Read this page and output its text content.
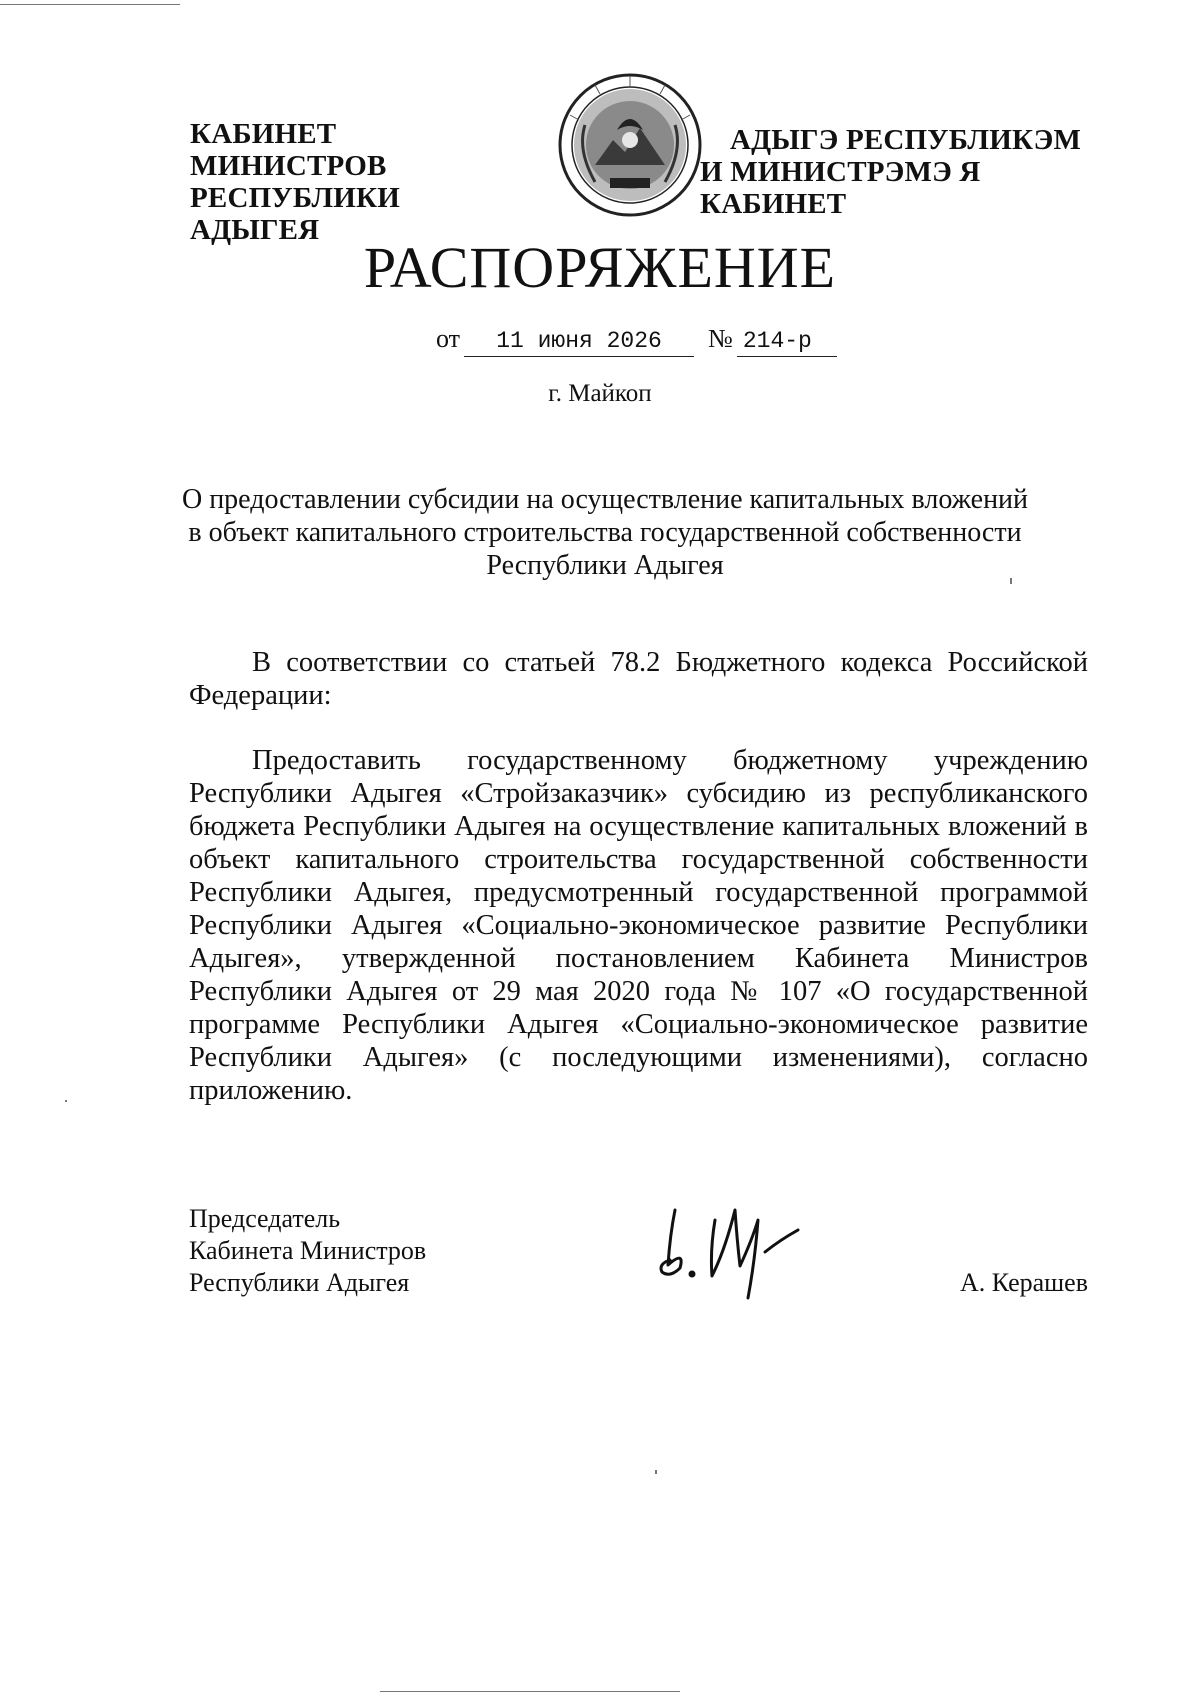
КАБИНЕТ МИНИСТРОВ
РЕСПУБЛИКИ АДЫГЕЯ
АДЫГЭ РЕСПУБЛИКЭМ
И МИНИСТРЭМЭ Я КАБИНЕТ
РАСПОРЯЖЕНИЕ
от 11 июня 2026 № 214-р
г. Майкоп
О предоставлении субсидии на осуществление капитальных вложений
в объект капитального строительства государственной собственности
Республики Адыгея
В соответствии со статьей 78.2 Бюджетного кодекса Российской Федерации:
Предоставить государственному бюджетному учреждению Республики Адыгея «Стройзаказчик» субсидию из республиканского бюджета Республики Адыгея на осуществление капитальных вложений в объект капитального строительства государственной собственности Республики Адыгея, предусмотренный государственной программой Республики Адыгея «Социально-экономическое развитие Республики Адыгея», утвержденной постановлением Кабинета Министров Республики Адыгея от 29 мая 2020 года № 107 «О государственной программе Республики Адыгея «Социально-экономическое развитие Республики Адыгея» (с последующими изменениями), согласно приложению.
Председатель
Кабинета Министров
Республики Адыгея	А. Керашев
